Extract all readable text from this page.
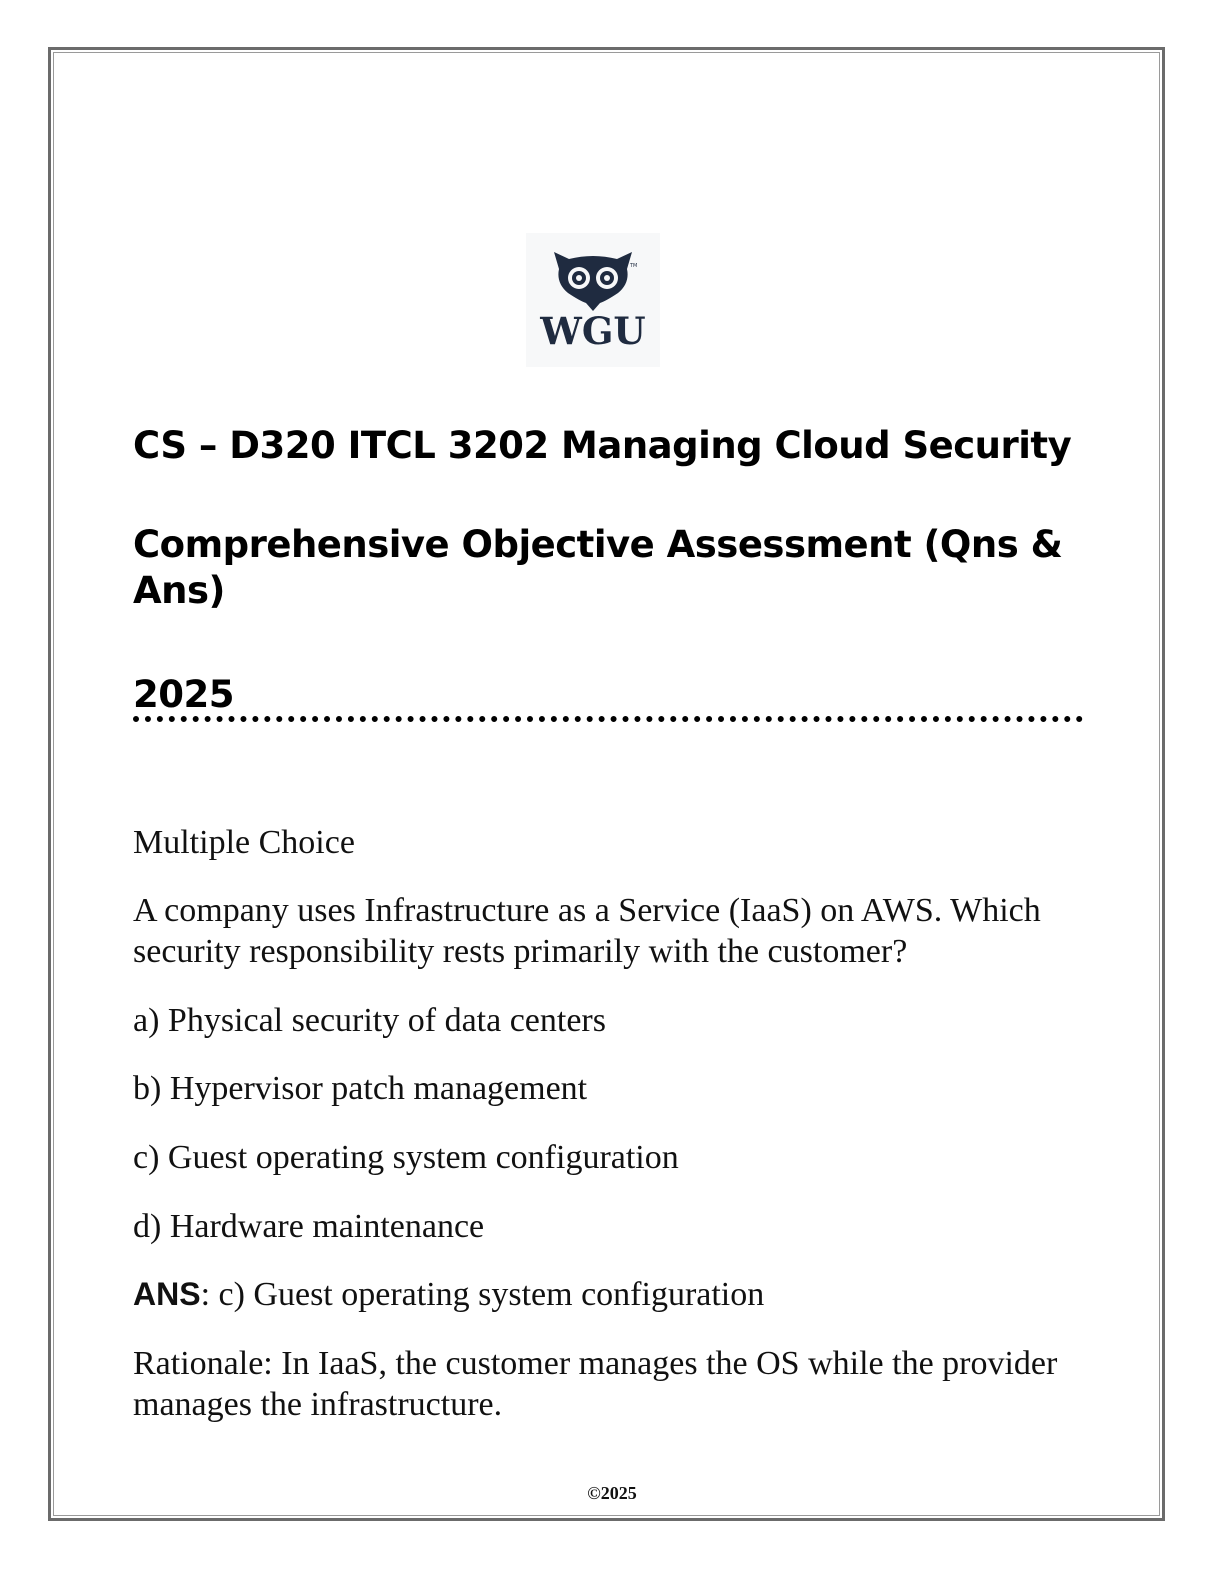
TM
WGU
CS – D320 ITCL 3202 Managing Cloud Security
Comprehensive Objective Assessment (Qns & Ans)
2025

Multiple Choice

A company uses Infrastructure as a Service (IaaS) on AWS. Which security responsibility rests primarily with the customer?

a) Physical security of data centers

b) Hypervisor patch management

c) Guest operating system configuration

d) Hardware maintenance

ANS: c) Guest operating system configuration

Rationale: In IaaS, the customer manages the OS while the provider manages the infrastructure.

©2025
